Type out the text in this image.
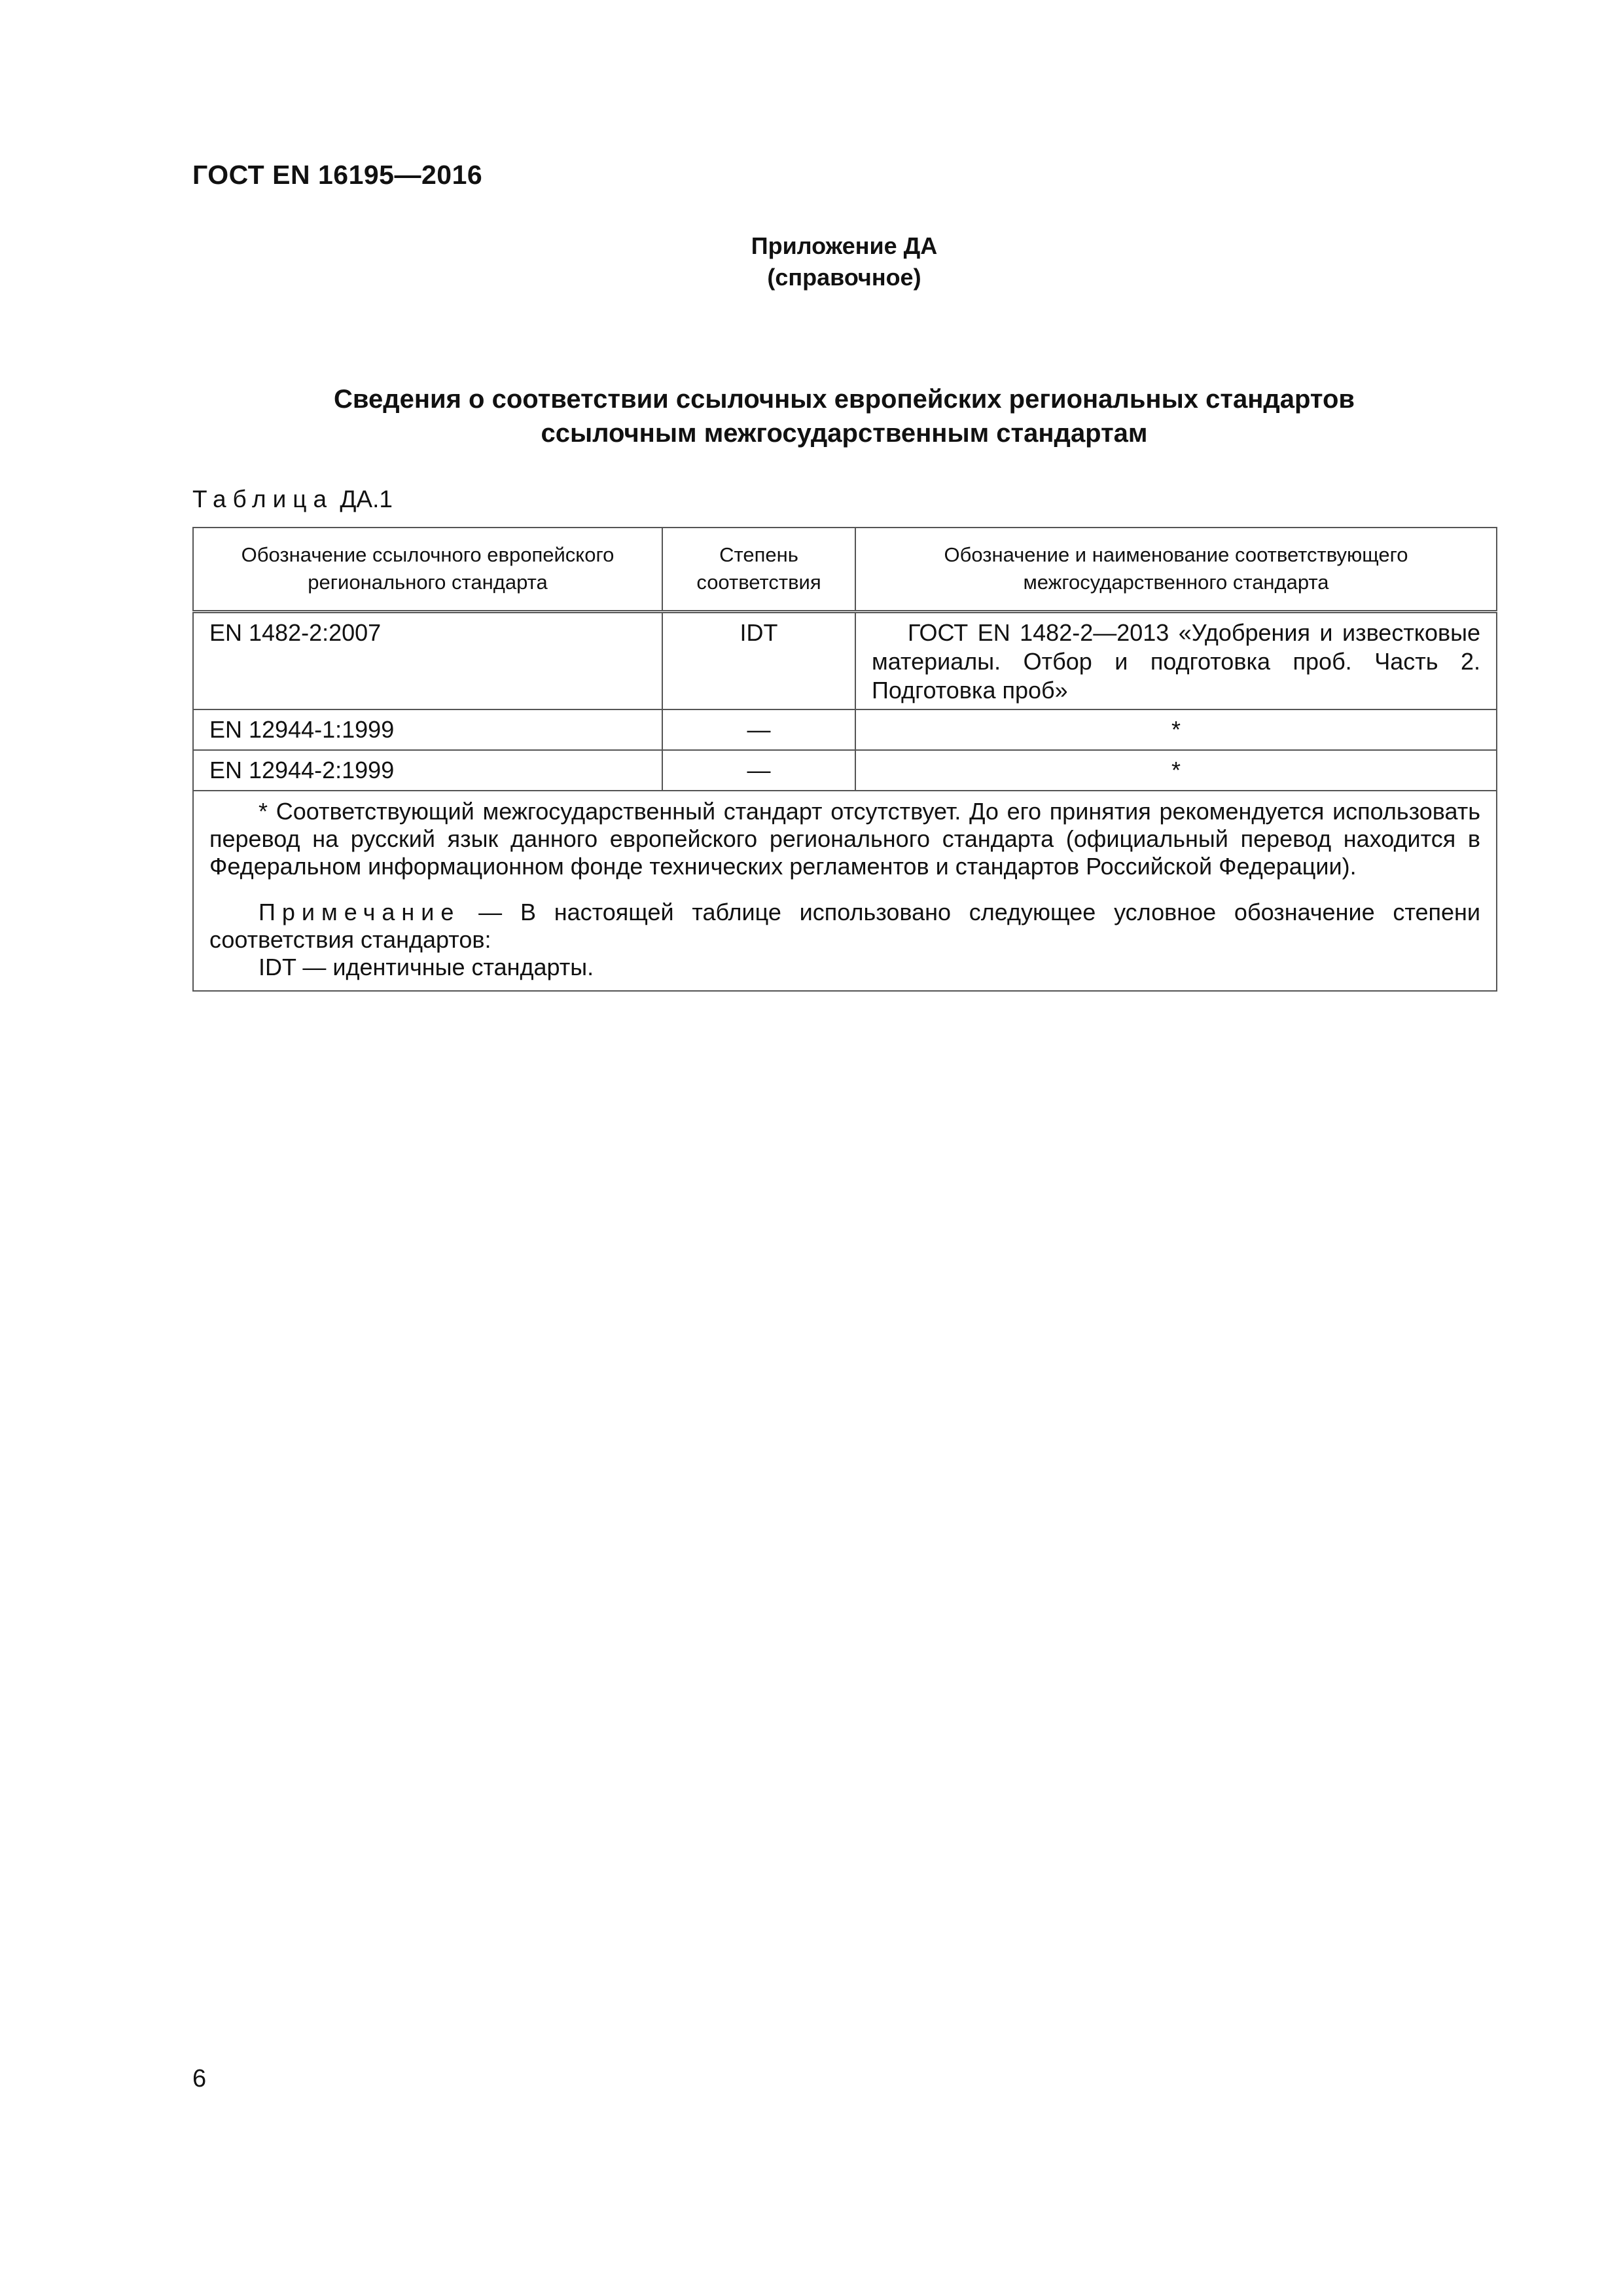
ГОСТ EN 16195—2016
Приложение ДА
(справочное)
Сведения о соответствии ссылочных европейских региональных стандартов
ссылочным межгосударственным стандартам
Таблица ДА.1
Обозначение ссылочного европейского регионального стандарта	Степень соответствия	Обозначение и наименование соответствующего межгосударственного стандарта
EN 1482-2:2007	IDT	ГОСТ EN 1482-2—2013 «Удобрения и известковые материалы. Отбор и подготовка проб. Часть 2. Подготовка проб»
EN 12944-1:1999	—	*
EN 12944-2:1999	—	*

* Соответствующий межгосударственный стандарт отсутствует. До его принятия рекомендуется использовать перевод на русский язык данного европейского регионального стандарта (официальный перевод находится в Федеральном информационном фонде технических регламентов и стандартов Российской Федерации).

Примечание — В настоящей таблице использовано следующее условное обозначение степени соответствия стандартов:

IDT — идентичные стандарты.		

6
